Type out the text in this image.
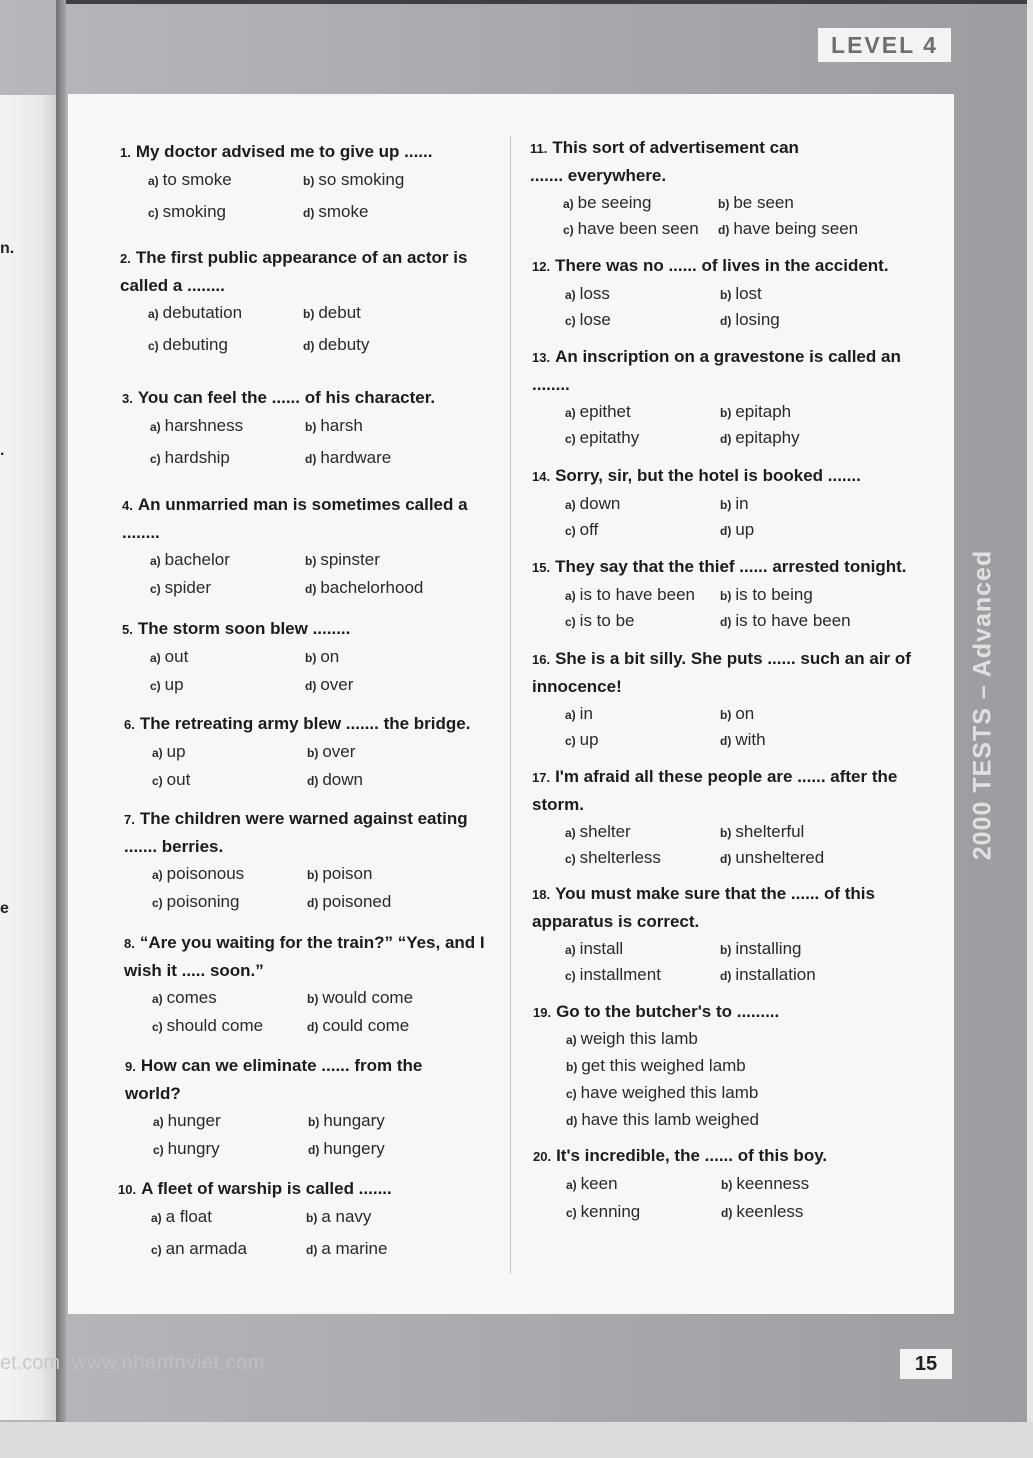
n.
.
e
LEVEL 4
2000 TESTS – Advanced
1. My doctor advised me to give up ......
a) to smoke	b) so smoking
c) smoking	d) smoke
2. The first public appearance of an actor is called a ........
a) debutation	b) debut
c) debuting	d) debuty
3. You can feel the ...... of his character.
a) harshness	b) harsh
c) hardship	d) hardware
4. An unmarried man is sometimes called a ........
a) bachelor	b) spinster
c) spider	d) bachelorhood
5. The storm soon blew ........
a) out	b) on
c) up	d) over
6. The retreating army blew ....... the bridge.
a) up	b) over
c) out	d) down
7. The children were warned against eating ....... berries.
a) poisonous	b) poison
c) poisoning	d) poisoned
8. “Are you waiting for the train?” “Yes, and I wish it ..... soon.”
a) comes	b) would come
c) should come	d) could come
9. How can we eliminate ...... from the world?
a) hunger	b) hungary
c) hungry	d) hungery
10. A fleet of warship is called .......
a) a float	b) a navy
c) an armada	d) a marine
11. This sort of advertisement can ....... everywhere.
a) be seeing	b) be seen
c) have been seen d) have being seen
12. There was no ...... of lives in the accident.
a) loss	b) lost
c) lose	d) losing
13. An inscription on a gravestone is called an ........
a) epithet	b) epitaph
c) epitathy	d) epitaphy
14. Sorry, sir, but the hotel is booked .......
a) down	b) in
c) off	d) up
15. They say that the thief ...... arrested tonight.
a) is to have been b) is to being
c) is to be	d) is to have been
16. She is a bit silly. She puts ...... such an air of innocence!
a) in	b) on
c) up	d) with
17. I'm afraid all these people are ...... after the storm.
a) shelter	b) shelterful
c) shelterless	d) unsheltered
18. You must make sure that the ...... of this apparatus is correct.
a) install	b) installing
c) installment	d) installation
19. Go to the butcher's to .........
a) weigh this lamb
b) get this weighed lamb
c) have weighed this lamb
d) have this lamb weighed
20. It's incredible, the ...... of this boy.
a) keen	b) keenness
c) kenning	d) keenless
et.com www.nhantriviet.com	15
